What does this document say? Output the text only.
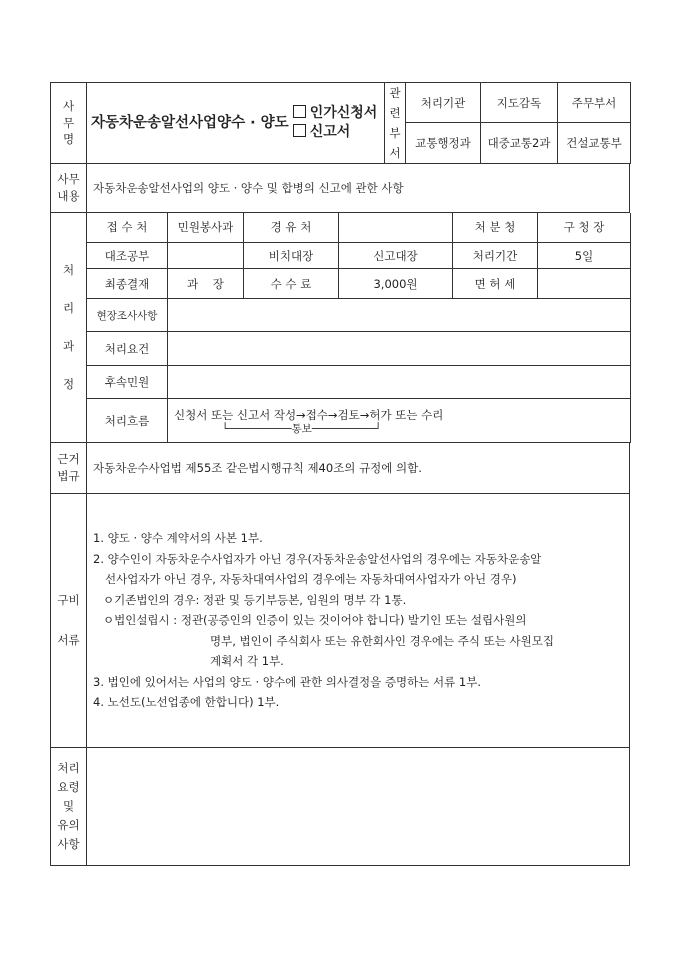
사
무
명	자동차운송알선사업양수 · 양도인가신청서
신고서	관
련
부
서	처리기관	지도감독	주무부서
			교통행정과	대중교통2과	건설교통부
사무
내용	자동차운송알선사업의 양도 · 양수 및 합병의 신고에 관한 사항
처
리
과
정	접 수 처	민원봉사과	경 유 처		처 분 청	구 청 장
	대조공부		비치대장	신고대장	처리기간	5일
	최종결재	과    장	수 수 료	3,000원	면 허 세	
	현장조사사항					
	처리요건					
	후속민원					
	처리흐름	신청서 또는 신고서 작성→접수→검토→허가 또는 수리
└──────────통보──────────┘				
근거
법규	자동차운수사업법 제55조 같은법시행규칙 제40조의 규정에 의함.
구비
서류	
1. 양도 · 양수 계약서의 사본 1부.
2. 양수인이 자동차운수사업자가 아닌 경우(자동차운송알선사업의 경우에는 자동차운송알
선사업자가 아닌 경우, 자동차대여사업의 경우에는 자동차대여사업자가 아닌 경우)
ㅇ기존법인의 경우: 정관 및 등기부등본, 임원의 명부 각 1통.
ㅇ법인설립시 : 정관(공증인의 인증이 있는 것이어야 합니다) 발기인 또는 설립사원의
명부, 법인이 주식회사 또는 유한회사인 경우에는 주식 또는 사원모집
계획서 각 1부.
3. 법인에 있어서는 사업의 양도 · 양수에 관한 의사결정을 증명하는 서류 1부.
4. 노선도(노선업종에 한합니다) 1부.
처리
요령
및
유의
사항	
